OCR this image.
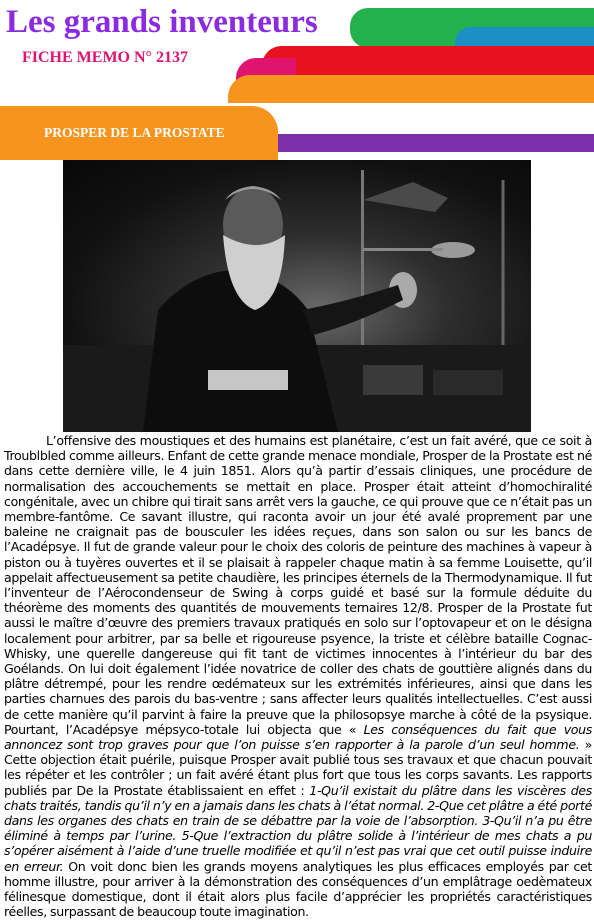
Les grands inventeurs
FICHE MEMO N° 2137
PROSPER DE LA PROSTATE

L’offensive des moustiques et des humains est planétaire, c’est un fait avéré, que ce soit à Troublbled comme ailleurs. Enfant de cette grande menace mondiale, Prosper de la Prostate est né dans cette dernière ville, le 4 juin 1851. Alors qu’à partir d’essais cliniques, une procédure de normalisation des accouchements se mettait en place. Prosper était atteint d’homochiralité congénitale, avec un chibre qui tirait sans arrêt vers la gauche, ce qui prouve que ce n’était pas un membre-fantôme. Ce savant illustre, qui raconta avoir un jour été avalé proprement par une baleine ne craignait pas de bousculer les idées reçues, dans son salon ou sur les bancs de l’Acadépsye. Il fut de grande valeur pour le choix des coloris de peinture des machines à vapeur à piston ou à tuyères ouvertes et il se plaisait à rappeler chaque matin à sa femme Louisette, qu’il appelait affectueusement sa petite chaudière, les principes éternels de la Thermodynamique. Il fut l’inventeur de l’Aérocondenseur de Swing à corps guidé et basé sur la formule déduite du théorème des moments des quantités de mouvements ternaires 12/8. Prosper de la Prostate fut aussi le maître d’œuvre des premiers travaux pratiqués en solo sur l’optovapeur et on le désigna localement pour arbitrer, par sa belle et rigoureuse psyence, la triste et célèbre bataille Cognac-Whisky, une querelle dangereuse qui fit tant de victimes innocentes à l’intérieur du bar des Goélands. On lui doit également l’idée novatrice de coller des chats de gouttière alignés dans du plâtre détrempé, pour les rendre œdémateux sur les extrémités inférieures, ainsi que dans les parties charnues des parois du bas-ventre ; sans affecter leurs qualités intellectuelles. C’est aussi de cette manière qu’il parvint à faire la preuve que la philosopsye marche à côté de la psysique. Pourtant, l’Acadépsye mépsyco-totale lui objecta que « Les conséquences du fait que vous annoncez sont trop graves pour que l’on puisse s’en rapporter à la parole d’un seul homme. » Cette objection était puérile, puisque Prosper avait publié tous ses travaux et que chacun pouvait les répéter et les contrôler ; un fait avéré étant plus fort que tous les corps savants. Les rapports publiés par De la Prostate établissaient en effet : 1-Qu’il existait du plâtre dans les viscères des chats traités, tandis qu’il n’y en a jamais dans les chats à l’état normal. 2-Que cet plâtre a été porté dans les organes des chats en train de se débattre par la voie de l’absorption. 3-Qu’il n’a pu être éliminé à temps par l’urine. 5-Que l’extraction du plâtre solide à l’intérieur de mes chats a pu s’opérer aisément à l’aide d’une truelle modifiée et qu’il n’est pas vrai que cet outil puisse induire en erreur. On voit donc bien les grands moyens analytiques les plus efficaces employés par cet homme illustre, pour arriver à la démonstration des conséquences d’un emplâtrage oedèmateux félinesque domestique, dont il était alors plus facile d’apprécier les propriétés caractéristiques réelles, surpassant de beaucoup toute imagination.
